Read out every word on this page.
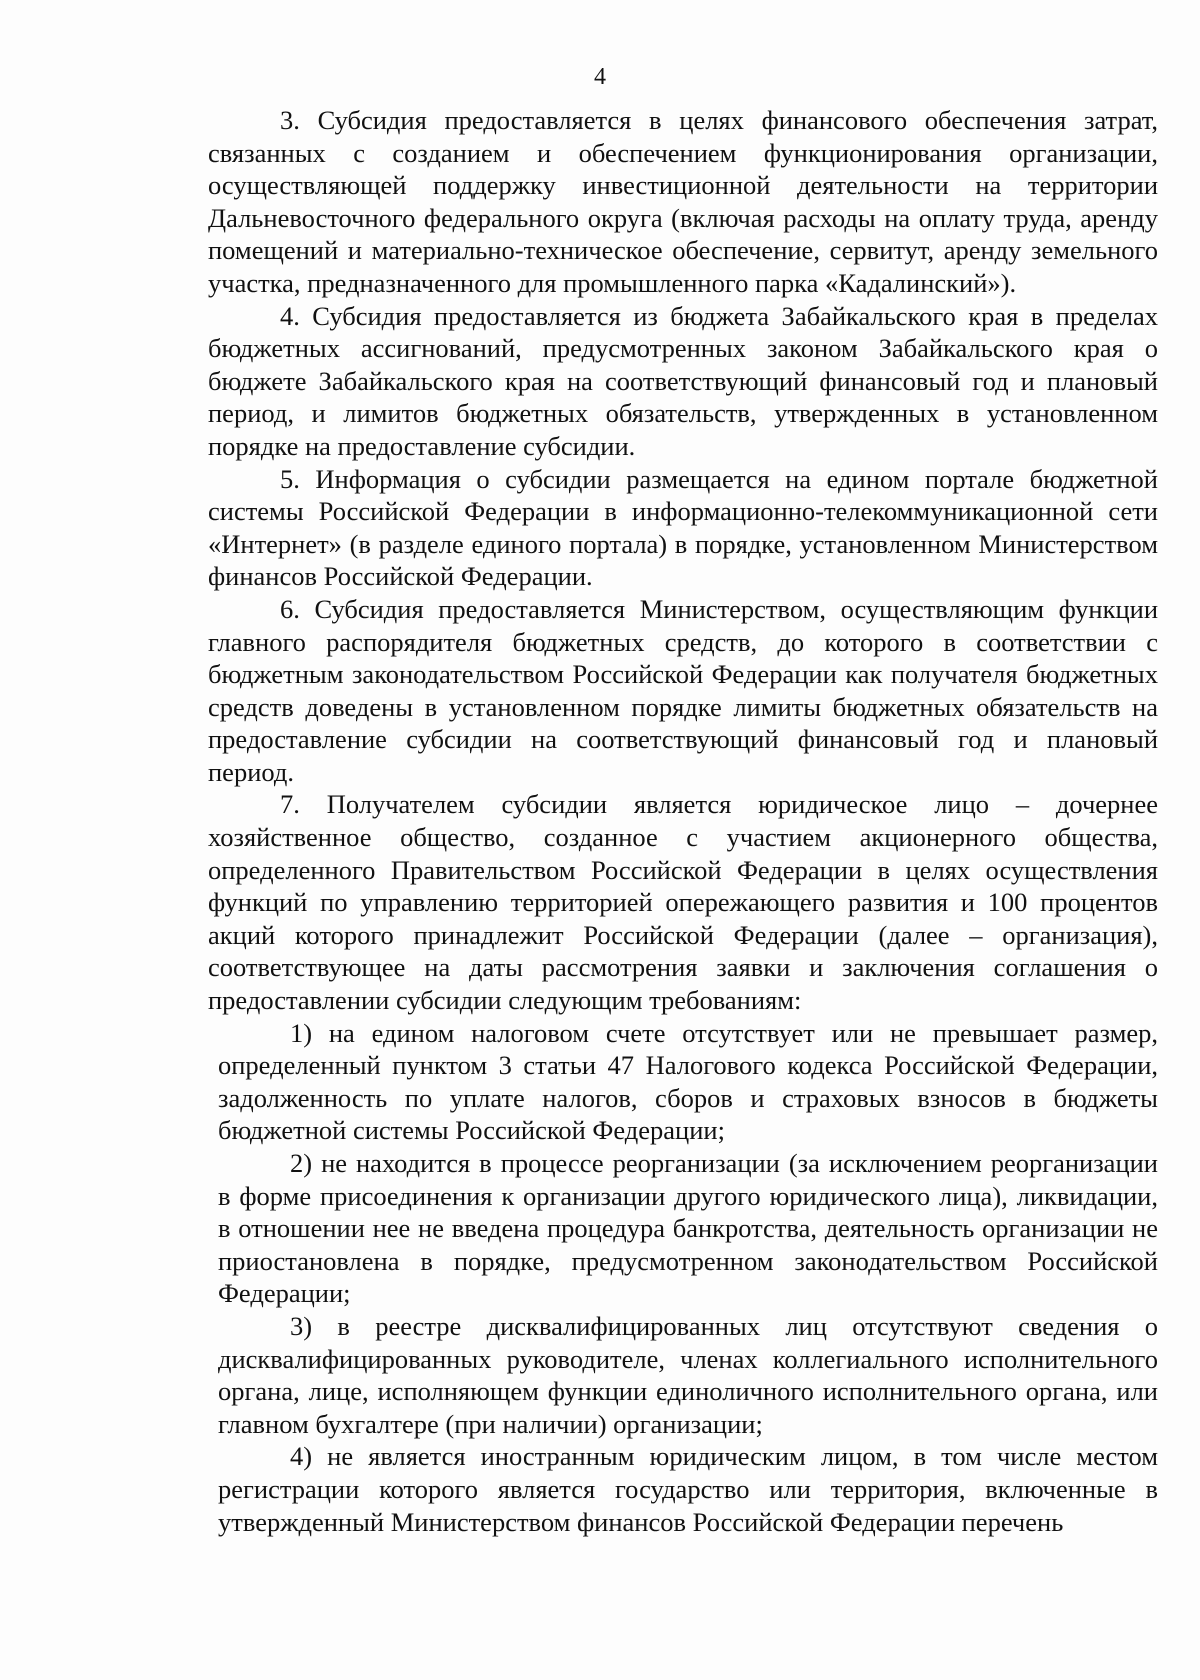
4

3. Субсидия предоставляется в целях финансового обеспечения затрат, связанных с созданием и обеспечением функционирования организации, осуществляющей поддержку инвестиционной деятельности на территории Дальневосточного федерального округа (включая расходы на оплату труда, аренду помещений и материально-техническое обеспечение, сервитут, аренду земельного участка, предназначенного для промышленного парка «Кадалинский»).

4. Субсидия предоставляется из бюджета Забайкальского края в пределах бюджетных ассигнований, предусмотренных законом Забайкальского края о бюджете Забайкальского края на соответствующий финансовый год и плановый период, и лимитов бюджетных обязательств, утвержденных в установленном порядке на предоставление субсидии.

5. Информация о субсидии размещается на едином портале бюджетной системы Российской Федерации в информационно-телекоммуникационной сети «Интернет» (в разделе единого портала) в порядке, установленном Министерством финансов Российской Федерации.

6. Субсидия предоставляется Министерством, осуществляющим функции главного распорядителя бюджетных средств, до которого в соответствии с бюджетным законодательством Российской Федерации как получателя бюджетных средств доведены в установленном порядке лимиты бюджетных обязательств на предоставление субсидии на соответствующий финансовый год и плановый период.

7. Получателем субсидии является юридическое лицо – дочернее хозяйственное общество, созданное с участием акционерного общества, определенного Правительством Российской Федерации в целях осуществления функций по управлению территорией опережающего развития и 100 процентов акций которого принадлежит Российской Федерации (далее – организация), соответствующее на даты рассмотрения заявки и заключения соглашения о предоставлении субсидии следующим требованиям:

1) на едином налоговом счете отсутствует или не превышает размер, определенный пунктом 3 статьи 47 Налогового кодекса Российской Федерации, задолженность по уплате налогов, сборов и страховых взносов в бюджеты бюджетной системы Российской Федерации;

2) не находится в процессе реорганизации (за исключением реорганизации в форме присоединения к организации другого юридического лица), ликвидации, в отношении нее не введена процедура банкротства, деятельность организации не приостановлена в порядке, предусмотренном законодательством Российской Федерации;

3) в реестре дисквалифицированных лиц отсутствуют сведения о дисквалифицированных руководителе, членах коллегиального исполнительного органа, лице, исполняющем функции единоличного исполнительного органа, или главном бухгалтере (при наличии) организации;

4) не является иностранным юридическим лицом, в том числе местом регистрации которого является государство или территория, включенные в утвержденный Министерством финансов Российской Федерации перечень
